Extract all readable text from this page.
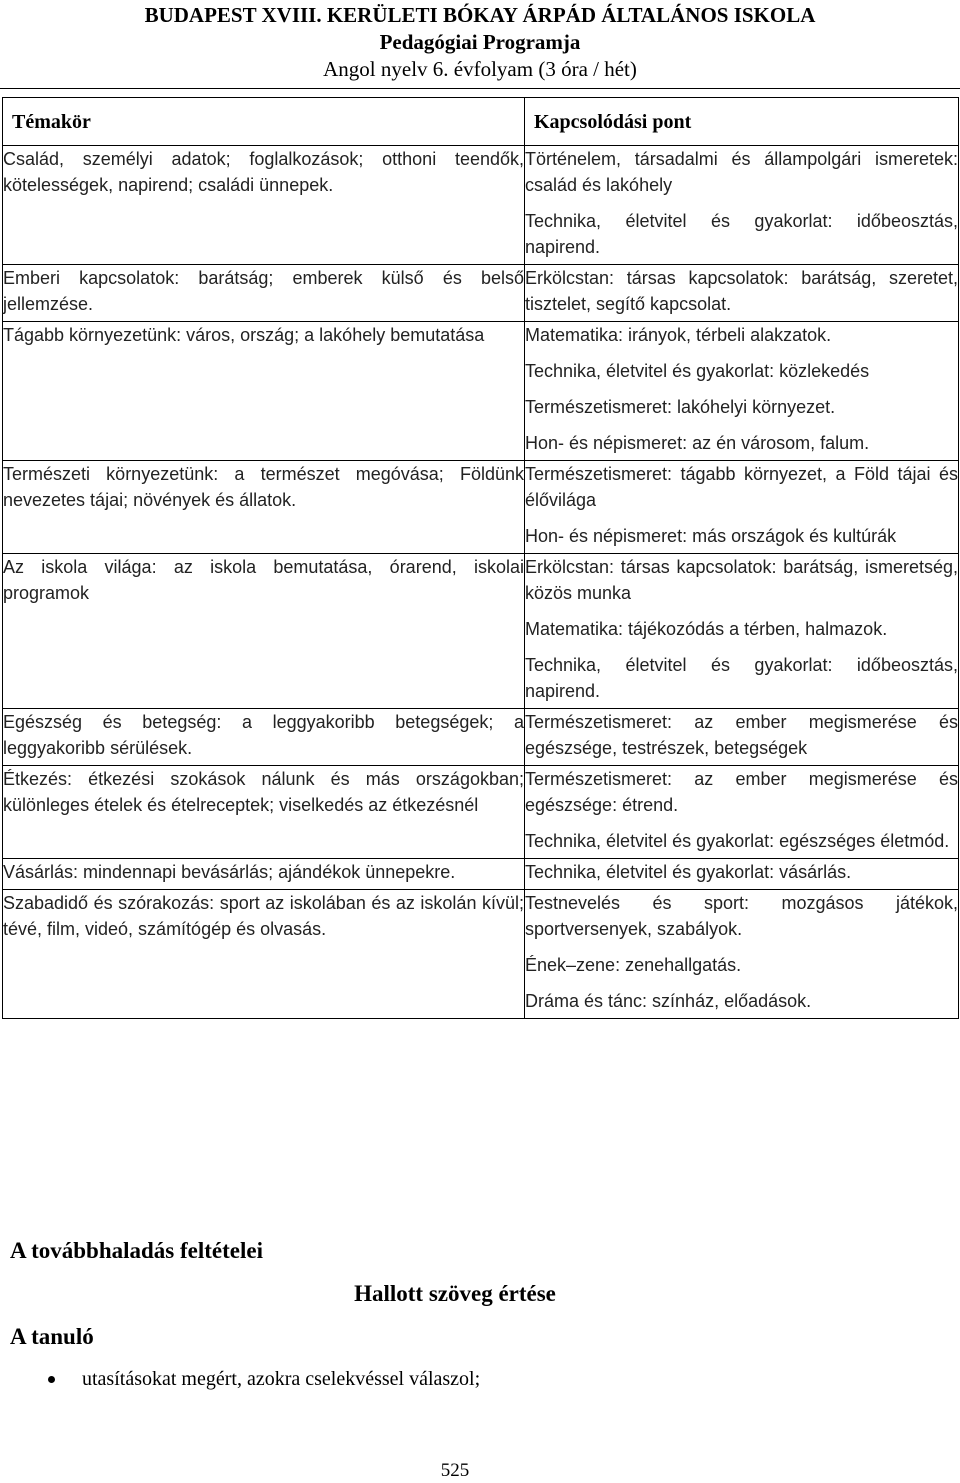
BUDAPEST XVIII. KERÜLETI BÓKAY ÁRPÁD ÁLTALÁNOS ISKOLA
Pedagógiai Programja
Angol nyelv 6. évfolyam (3 óra / hét)
Témakör	Kapcsolódási pont
Család, személyi adatok; foglalkozások; otthoni teendők, kötelességek, napirend; családi ünnepek.	Történelem, társadalmi és állampolgári ismeretek: család és lakóhely

Technika, életvitel és gyakorlat: időbeosztás, napirend.

Emberi kapcsolatok: barátság; emberek külső és belső jellemzése.	Erkölcstan: társas kapcsolatok: barátság, szeretet, tisztelet, segítő kapcsolat.

Tágabb környezetünk: város, ország; a lakóhely bemutatása	Matematika: irányok, térbeli alakzatok.

Technika, életvitel és gyakorlat: közlekedés

Természetismeret: lakóhelyi környezet.

Hon- és népismeret: az én városom, falum.

Természeti környezetünk: a természet megóvása; Földünk nevezetes tájai; növények és állatok.	Természetismeret: tágabb környezet, a Föld tájai és élővilága

Hon- és népismeret: más országok és kultúrák

Az iskola világa: az iskola bemutatása, órarend, iskolai programok	Erkölcstan: társas kapcsolatok: barátság, ismeretség, közös munka

Matematika: tájékozódás a térben, halmazok.

Technika, életvitel és gyakorlat: időbeosztás, napirend.

Egészség és betegség: a leggyakoribb betegségek; a leggyakoribb sérülések.	Természetismeret: az ember megismerése és egészsége, testrészek, betegségek

Étkezés: étkezési szokások nálunk és más országokban; különleges ételek és ételreceptek; viselkedés az étkezésnél	Természetismeret: az ember megismerése és egészsége: étrend.

Technika, életvitel és gyakorlat: egészséges életmód.

Vásárlás: mindennapi bevásárlás; ajándékok ünnepekre.	Technika, életvitel és gyakorlat: vásárlás.

Szabadidő és szórakozás: sport az iskolában és az iskolán kívül; tévé, film, videó, számítógép és olvasás.	Testnevelés és sport: mozgásos játékok, sportversenyek, szabályok.

Ének–zene: zenehallgatás.

Dráma és tánc: színház, előadások.

A továbbhaladás feltételei
Hallott szöveg értése
A tanuló
utasításokat megért, azokra cselekvéssel válaszol;
525
